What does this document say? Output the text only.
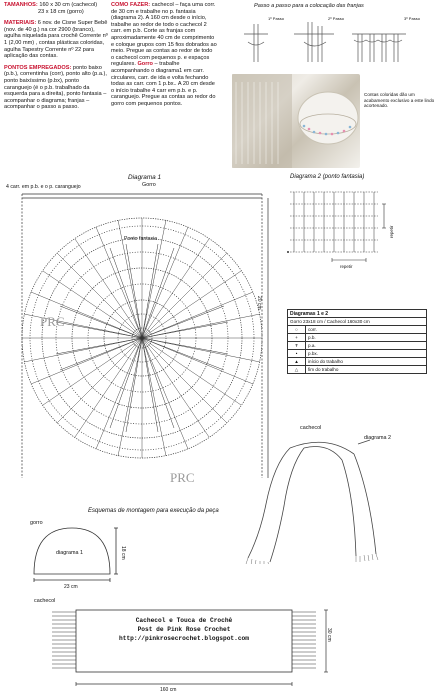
TAMANHOS: 160 x 30 cm (cachecol)
23 x 18 cm (gorro)
MATERIAIS: 6 nov. de Cisne Super Bebê (nov. de 40 g.) na cor 2900 (branco), agulha niquelada para crochê Corrente nº 1 (2,00 mm) , contas plásticas coloridas, agulha Tapestry Corrente nº 22 para aplicação das contas.
PONTOS EMPREGADOS: ponto baixo (p.b.), correntinha (corr), ponto alto (p.a.), ponto baixíssimo (p.bx), ponto caranguejo (é o p.b. trabalhado da esquerda para a direita), ponto fantasia – acompanhar o diagrama; franjas – acompanhar o passo a passo.
COMO FAZER: cachecol – faça uma corr. de 30 cm e trabalhe no p. fantasia (diagrama 2). A 160 cm desde o início, trabalhe ao redor de todo o cachecol 2 carr. em p.b. Corte as franjas com aproximadamente 40 cm de comprimento e coloque grupos com 15 fios dobrados ao meio. Pregue as contas ao redor de todo o cachecol com pequenos p. e espaços regulares. Gorro – trabalhe acompanhando o diagrama1 em carr. circulares, carr. de ida e volta fechando todas as carr. com 1 p.bx.. A 20 cm desde o início trabalhe 4 carr em p.b. e p. caranguejo. Pregue as contas ao redor do gorro com pequenos pontos.
Passo a passo para a colocação das franjas
1º Passo	2º Passo	3º Passo
Contas coloridas dão um acabamento exclusivo a este lindo acortenado.
Diagrama 1
Gorro
4 carr. em p.b. e o p. caranguejo
Ponto fantasia
20 cm
PRC
PRC
Diagrama 2 (ponto fantasia)
repetir
repetir
Diagramas 1 e 2	
Gorro 23x18 cm / Cachecol 160x30 cm	
○	corr.
+	p.b.
Ŧ	p.a.
•	p.bx.
▲	início do trabalho
△	fim do trabalho
cachecol
diagrama 2
Esquemas de montagem para execução da peça
gorro
diagrama 1	18 cm
23 cm
cachecol
Cachecol e Touca de Crochê
Post de Pink Rose Crochet
http://pinkrosecrochet.blogspot.com	30 cm
160 cm
